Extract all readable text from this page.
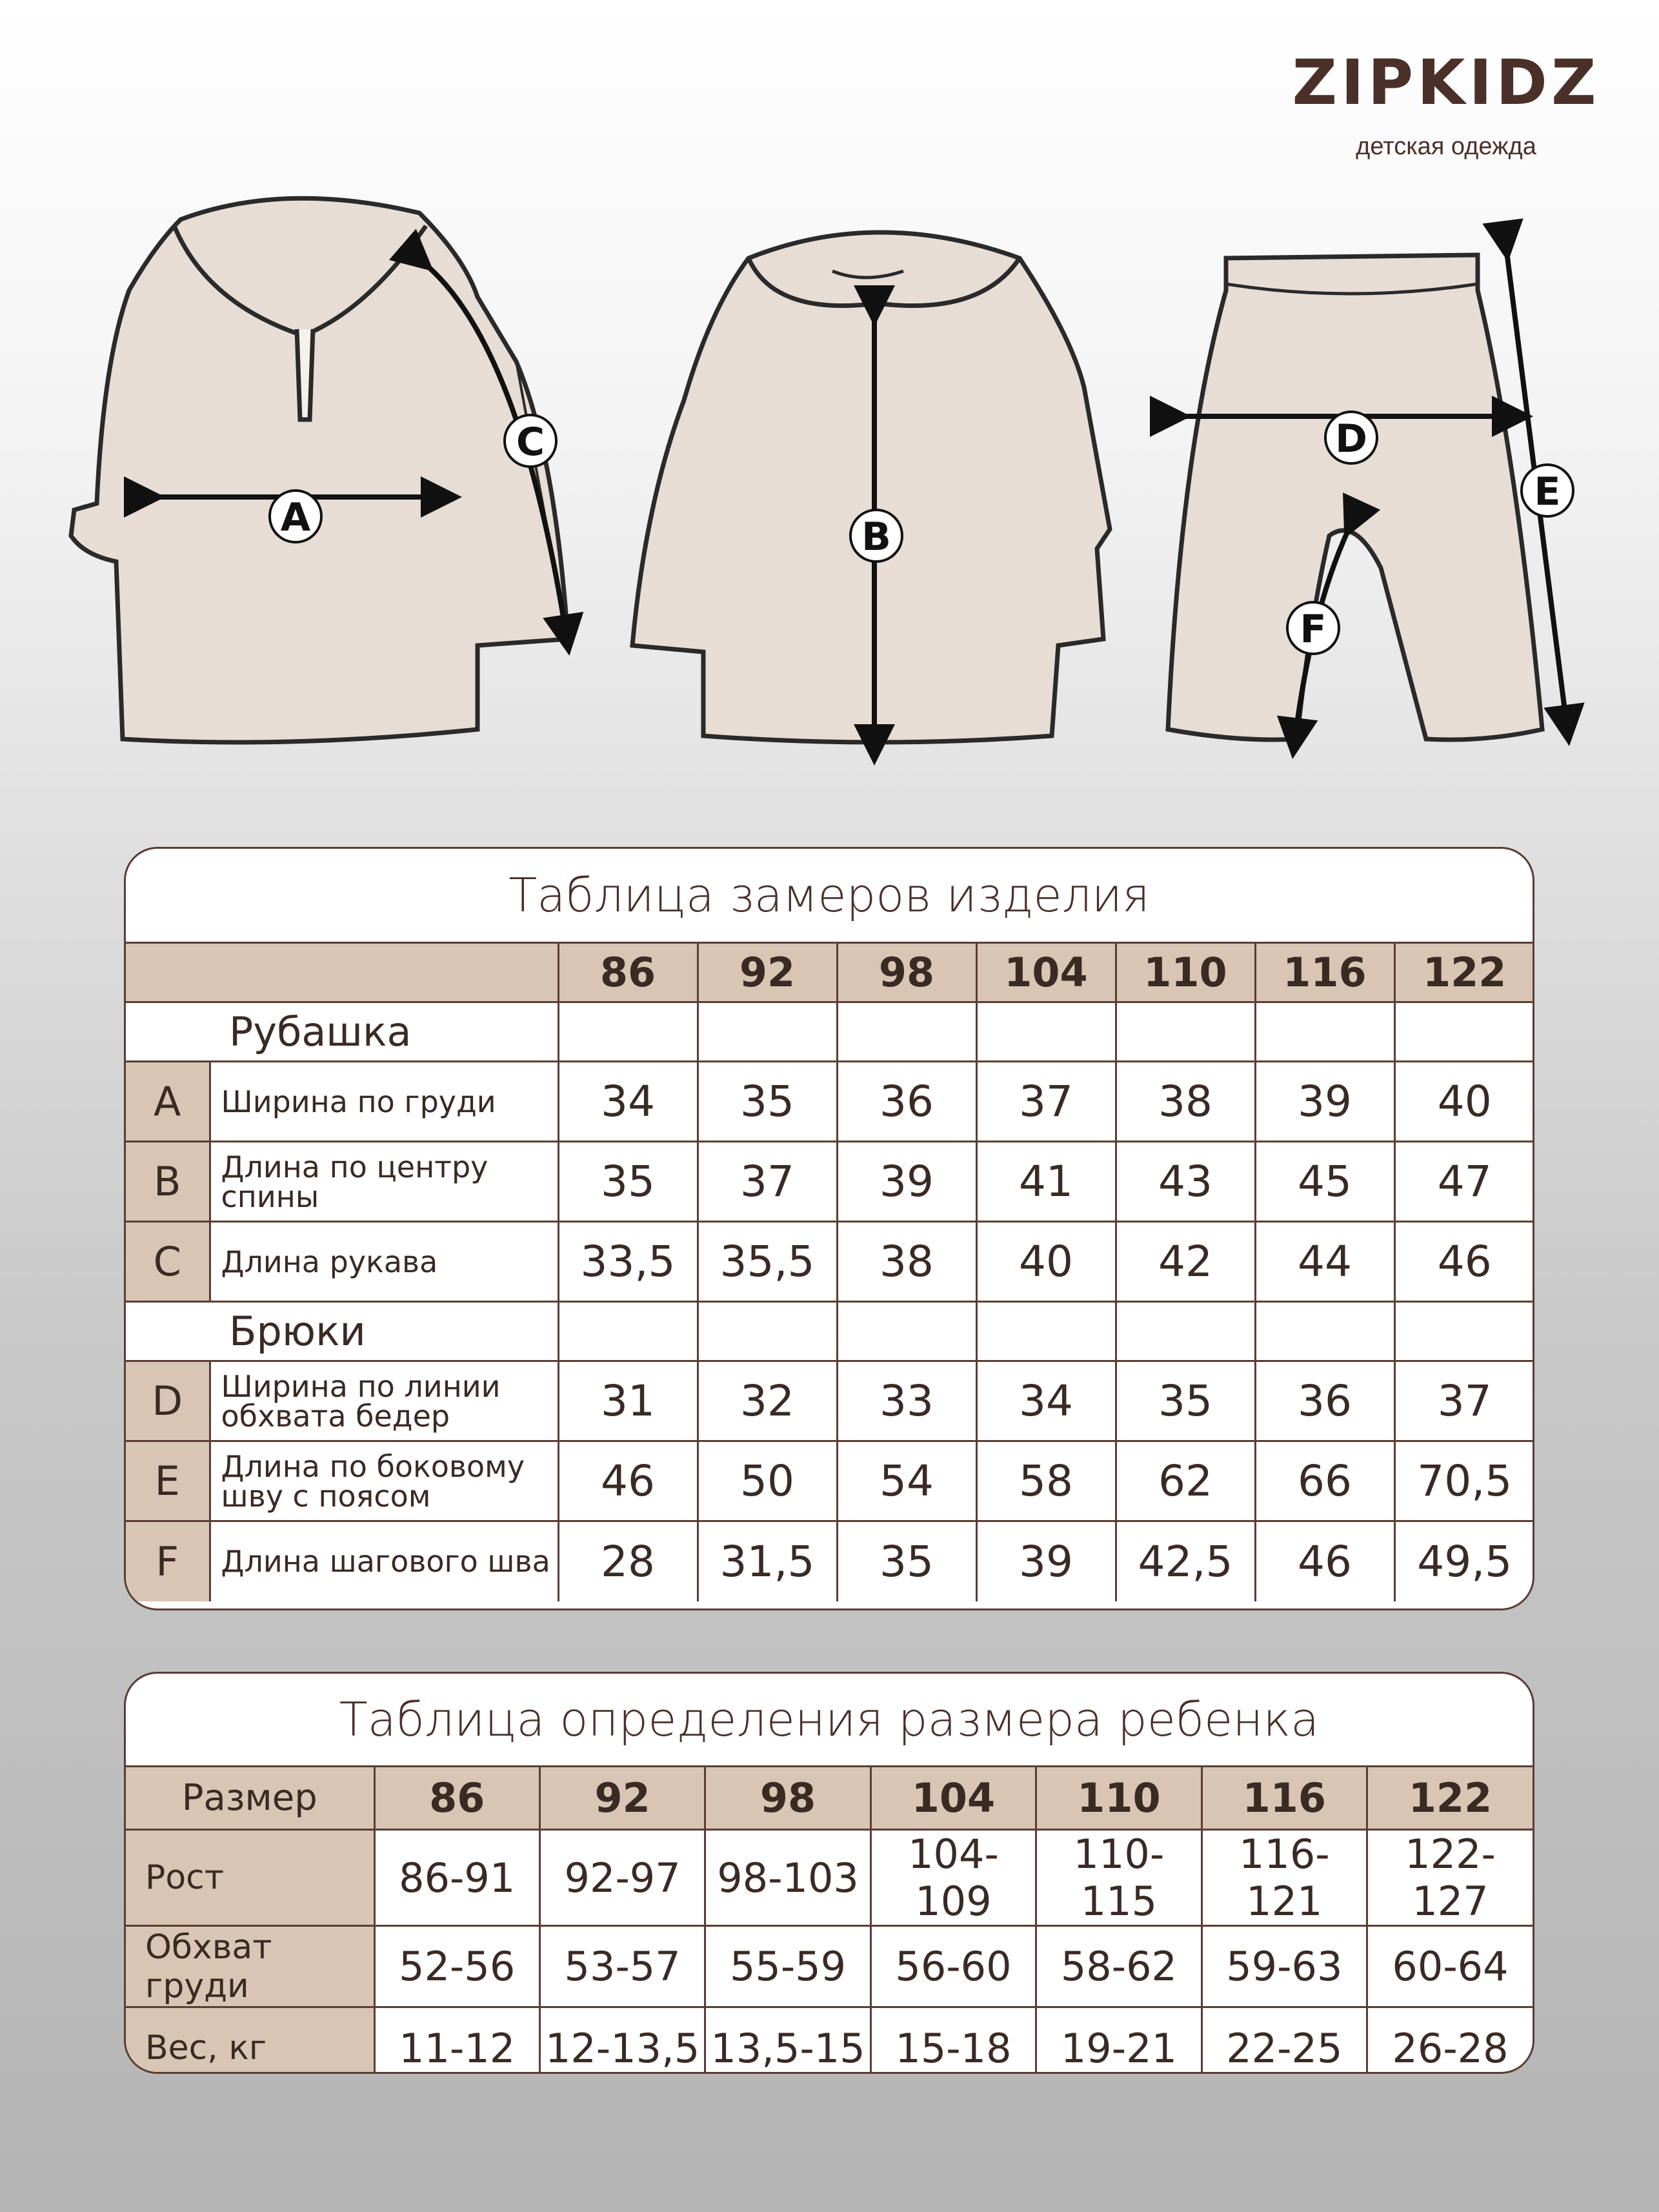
ZIPKIDZ
детская одежда
A	B
C	D
E
F
Таблица замеров изделия
		86	92	98	104	110	116	122
Рубашка								
A	Ширина по груди	34	35	36	37	38	39	40
B	Длина по центру спины	35	37	39	41	43	45	47
C	Длина рукава	33,5	35,5	38	40	42	44	46
Брюки								
D	Ширина по линии обхвата бедер	31	32	33	34	35	36	37
E	Длина по боковому шву с поясом	46	50	54	58	62	66	70,5
F	Длина шагового шва	28	31,5	35	39	42,5	46	49,5
Таблица определения размера ребенка
Размер	86	92	98	104	110	116	122
Рост	86-91	92-97	98-103	104-109	110-115	116-121	122-127
Обхват груди	52-56	53-57	55-59	56-60	58-62	59-63	60-64
Вес, кг	11-12	12-13,5	13,5-15	15-18	19-21	22-25	26-28
